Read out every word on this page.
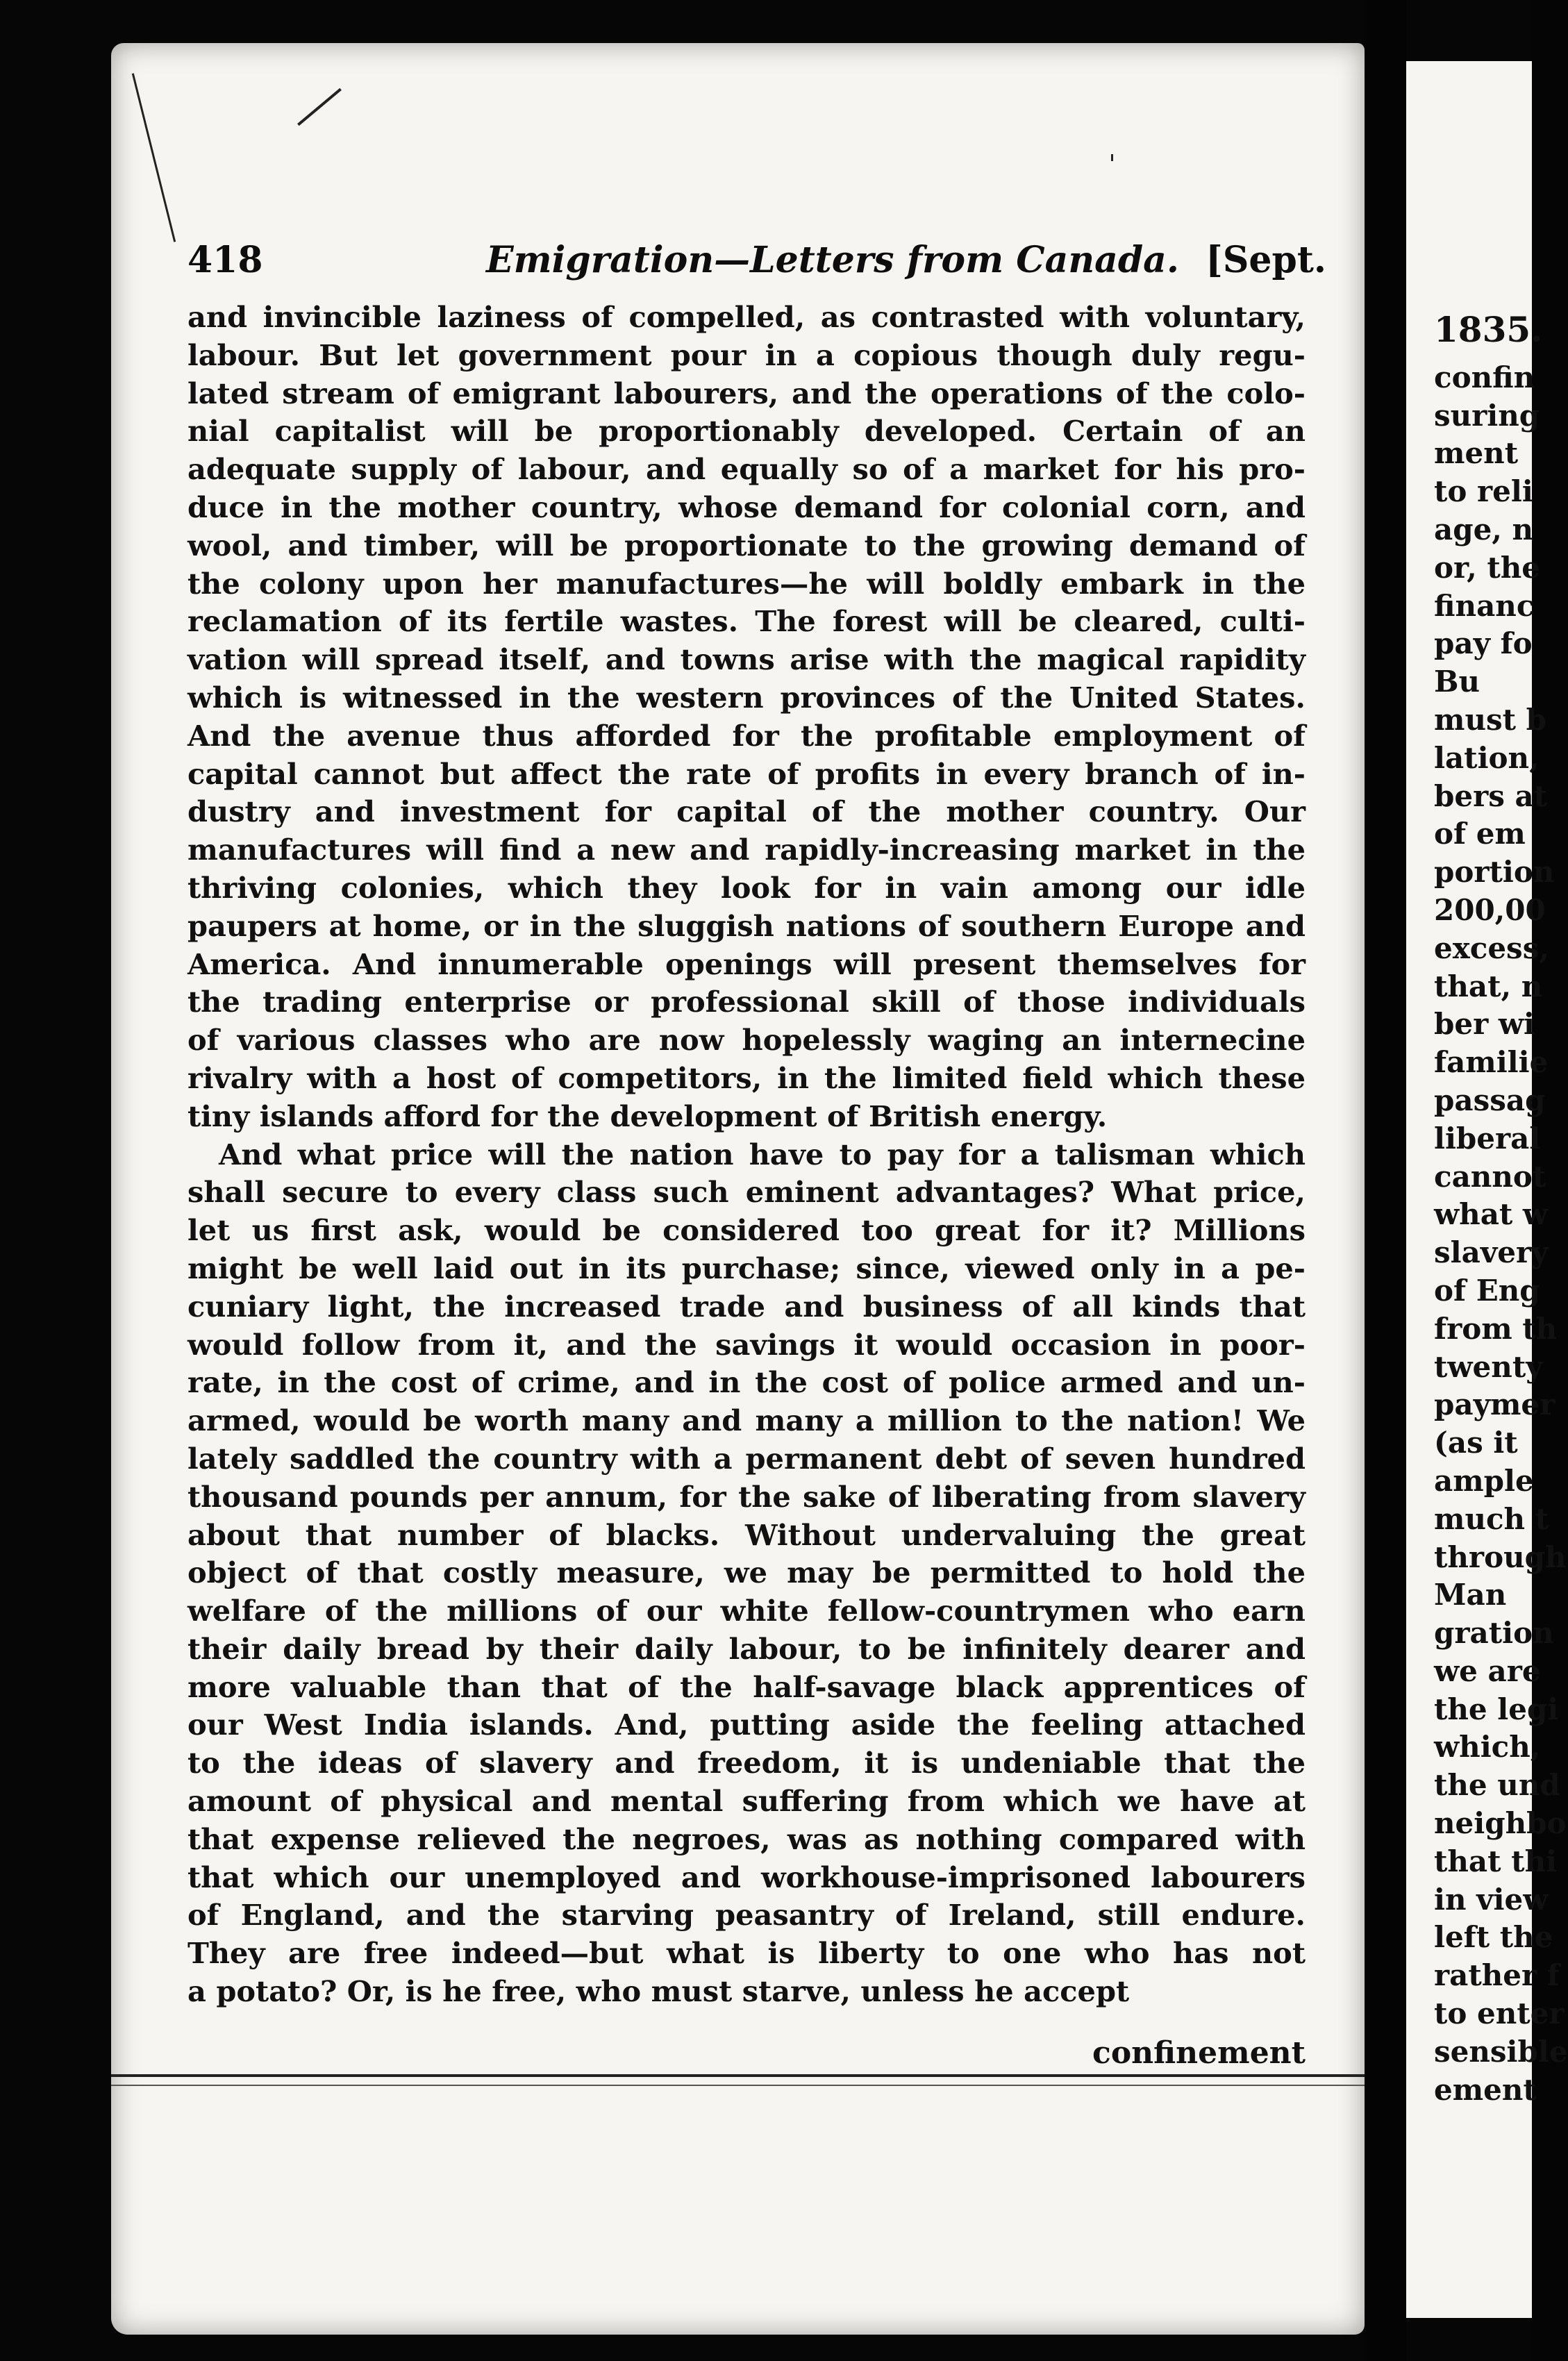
418	Emigration—Letters from Canada. [Sept.
and invincible laziness of compelled, as contrasted with voluntary,
labour. But let government pour in a copious though duly regu-
lated stream of emigrant labourers, and the operations of the colo-
nial capitalist will be proportionably developed. Certain of an
adequate supply of labour, and equally so of a market for his pro-
duce in the mother country, whose demand for colonial corn, and
wool, and timber, will be proportionate to the growing demand of
the colony upon her manufactures—he will boldly embark in the
reclamation of its fertile wastes. The forest will be cleared, culti-
vation will spread itself, and towns arise with the magical rapidity
which is witnessed in the western provinces of the United States.
And the avenue thus afforded for the profitable employment of
capital cannot but affect the rate of profits in every branch of in-
dustry and investment for capital of the mother country. Our
manufactures will find a new and rapidly-increasing market in the
thriving colonies, which they look for in vain among our idle
paupers at home, or in the sluggish nations of southern Europe and
America. And innumerable openings will present themselves for
the trading enterprise or professional skill of those individuals
of various classes who are now hopelessly waging an internecine
rivalry with a host of competitors, in the limited field which these
tiny islands afford for the development of British energy.
And what price will the nation have to pay for a talisman which
shall secure to every class such eminent advantages? What price,
let us first ask, would be considered too great for it? Millions
might be well laid out in its purchase; since, viewed only in a pe-
cuniary light, the increased trade and business of all kinds that
would follow from it, and the savings it would occasion in poor-
rate, in the cost of crime, and in the cost of police armed and un-
armed, would be worth many and many a million to the nation! We
lately saddled the country with a permanent debt of seven hundred
thousand pounds per annum, for the sake of liberating from slavery
about that number of blacks. Without undervaluing the great
object of that costly measure, we may be permitted to hold the
welfare of the millions of our white fellow-countrymen who earn
their daily bread by their daily labour, to be infinitely dearer and
more valuable than that of the half-savage black apprentices of
our West India islands. And, putting aside the feeling attached
to the ideas of slavery and freedom, it is undeniable that the
amount of physical and mental suffering from which we have at
that expense relieved the negroes, was as nothing compared with
that which our unemployed and workhouse-imprisoned labourers
of England, and the starving peasantry of Ireland, still endure.
They are free indeed—but what is liberty to one who has not
a potato? Or, is he free, who must starve, unless he accept
confinement
1835.
confin
suring
ment
to reli
age, n
or, the
financ
pay fo
Bu
must b
lation,
bers at
of em
portion
200,00
excess,
that, n
ber wi
familie
passag
liberal
cannot
what w
slavery
of Eng
from th
twenty
paymer
(as it
ample
much t
through
Man
gration
we are
the legi
which,
the und
neighbo
that thi
in view
left the
rather f
to enter
sensible
ement
